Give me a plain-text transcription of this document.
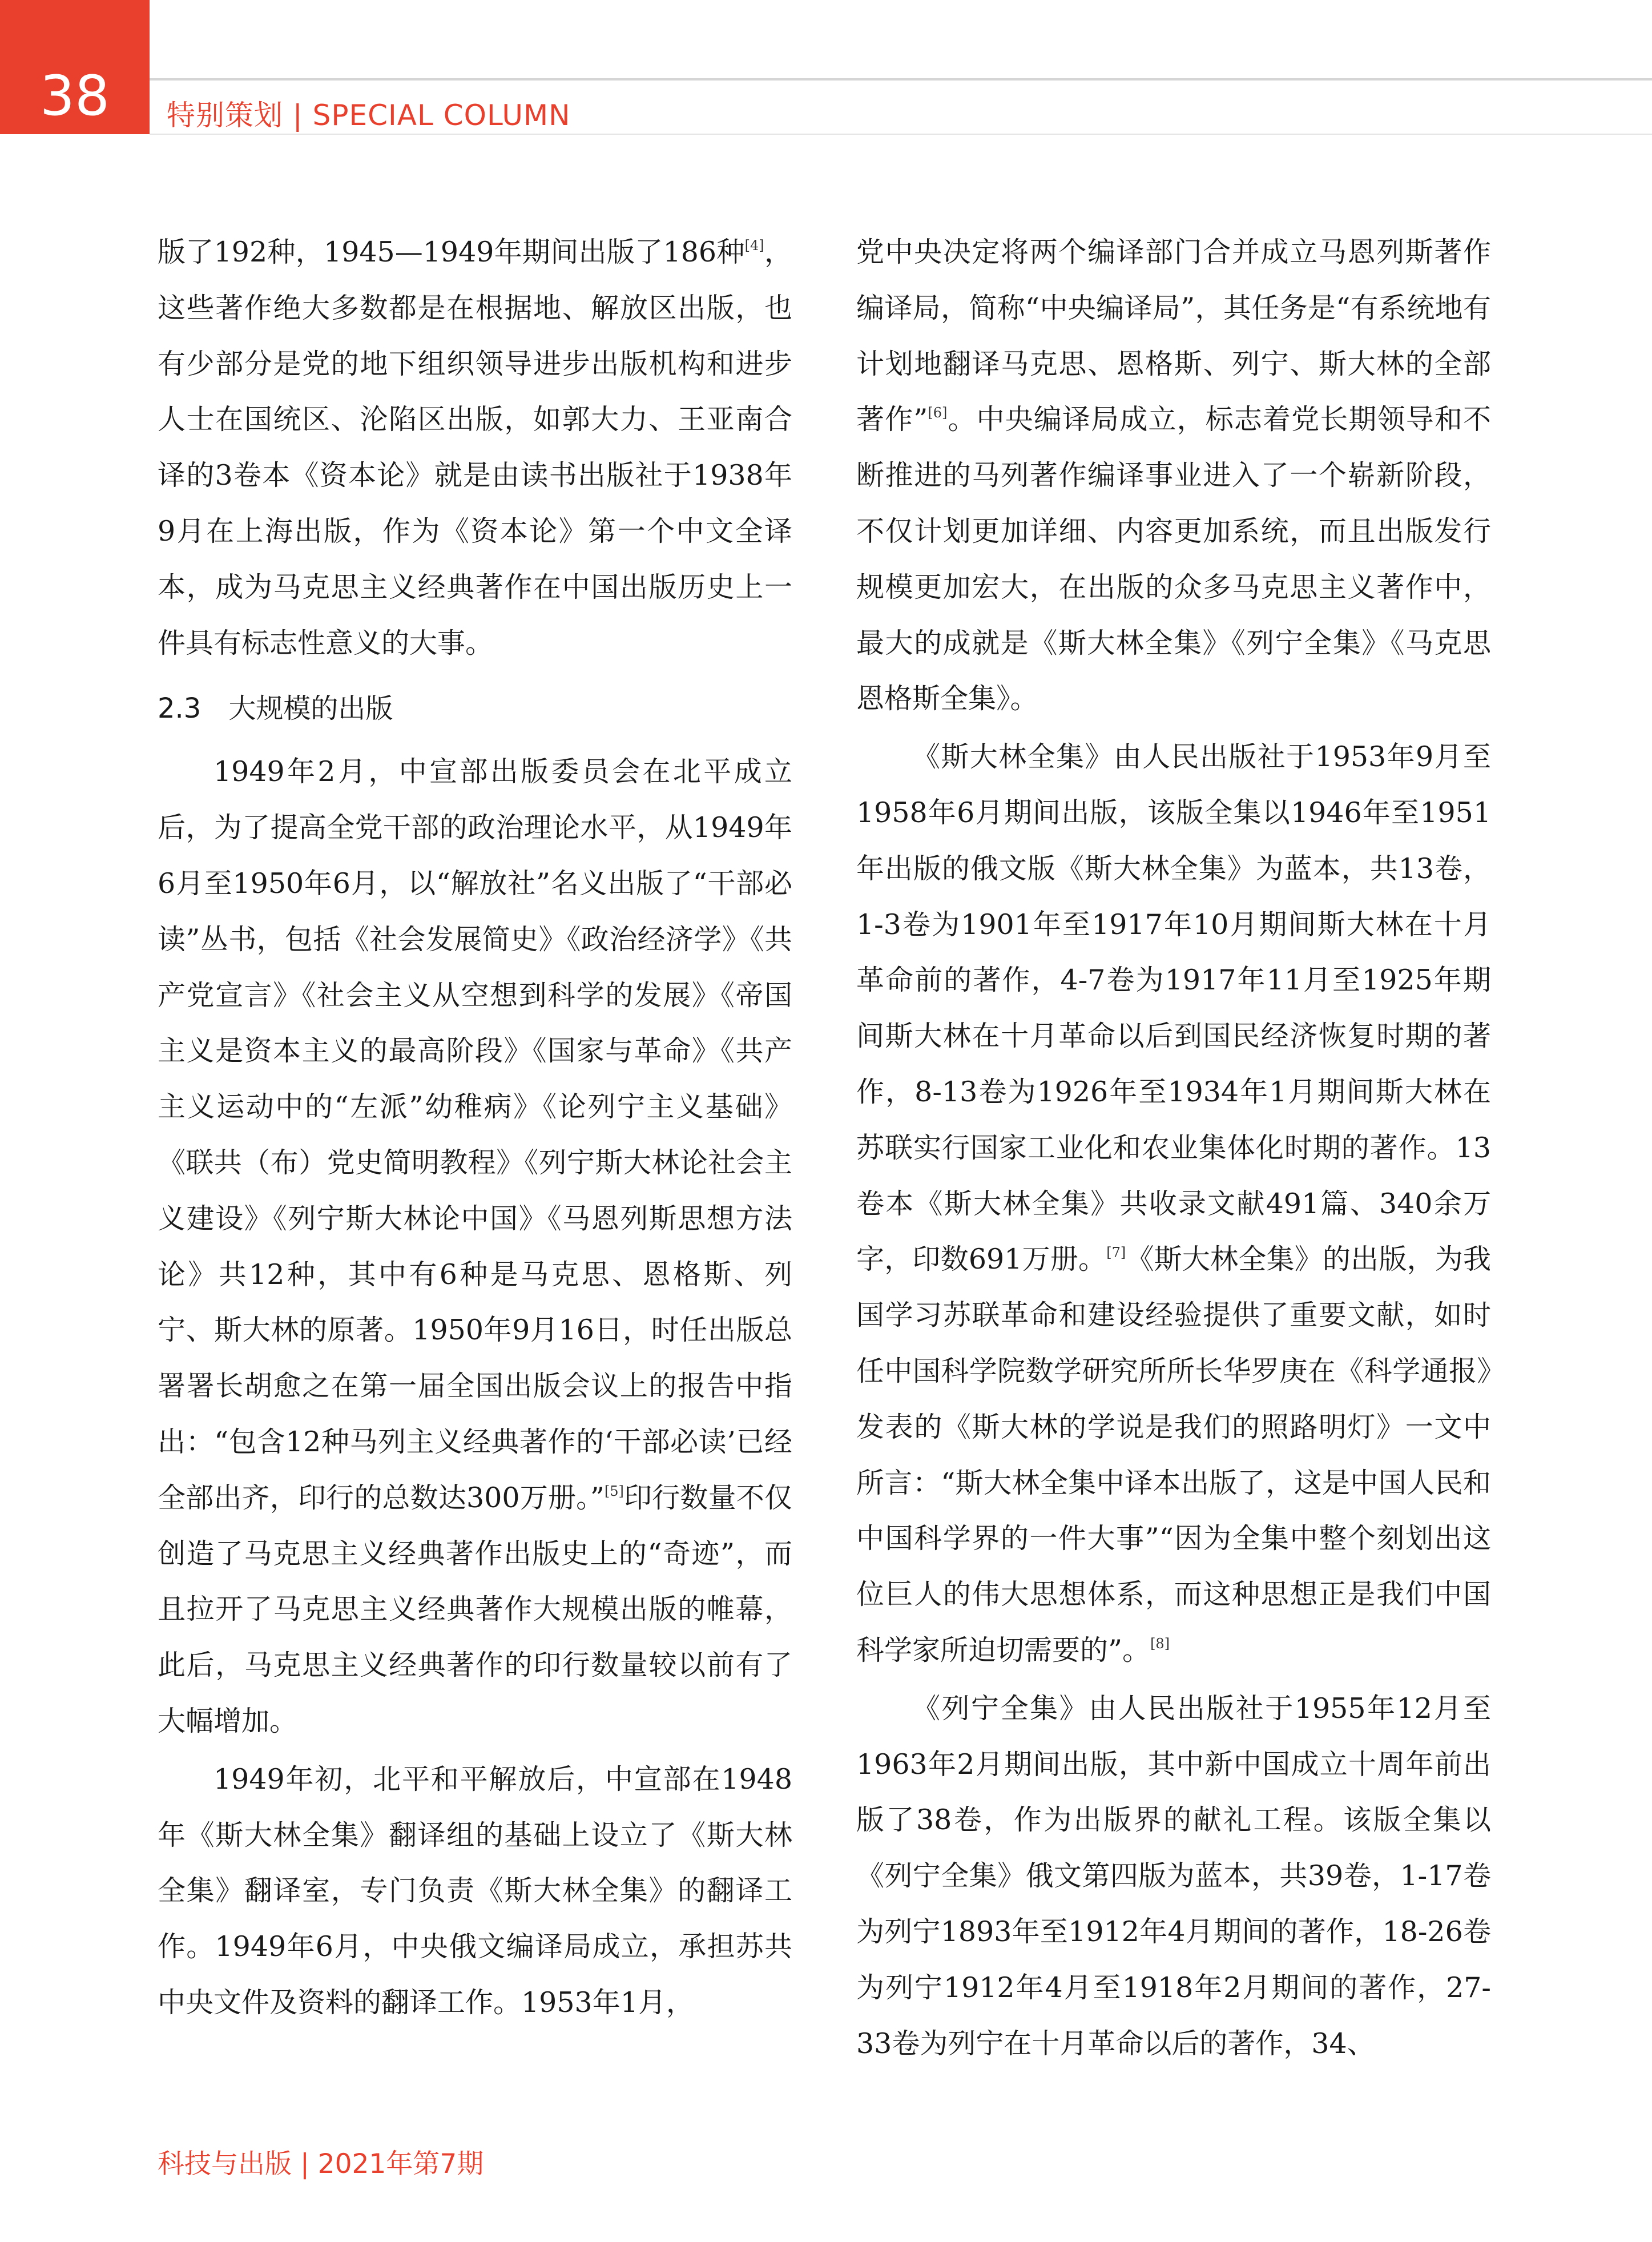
38	特别策划 | SPECIAL COLUMN

版了192种，1945—1949年期间出版了186种[4]，这些著作绝大多数都是在根据地、解放区出版，也有少部分是党的地下组织领导进步出版机构和进步人士在国统区、沦陷区出版，如郭大力、王亚南合译的3卷本《资本论》就是由读书出版社于1938年9月在上海出版，作为《资本论》第一个中文全译本，成为马克思主义经典著作在中国出版历史上一件具有标志性意义的大事。

2.3　大规模的出版

1949年2月，中宣部出版委员会在北平成立后，为了提高全党干部的政治理论水平，从1949年6月至1950年6月，以“解放社”名义出版了“干部必读”丛书，包括《社会发展简史》《政治经济学》《共产党宣言》《社会主义从空想到科学的发展》《帝国主义是资本主义的最高阶段》《国家与革命》《共产主义运动中的“左派”幼稚病》《论列宁主义基础》《联共（布）党史简明教程》《列宁斯大林论社会主义建设》《列宁斯大林论中国》《马恩列斯思想方法论》共12种，其中有6种是马克思、恩格斯、列宁、斯大林的原著。1950年9月16日，时任出版总署署长胡愈之在第一届全国出版会议上的报告中指出：“包含12种马列主义经典著作的‘干部必读’已经全部出齐，印行的总数达300万册。”[5]印行数量不仅创造了马克思主义经典著作出版史上的“奇迹”，而且拉开了马克思主义经典著作大规模出版的帷幕，此后，马克思主义经典著作的印行数量较以前有了大幅增加。

1949年初，北平和平解放后，中宣部在1948年《斯大林全集》翻译组的基础上设立了《斯大林全集》翻译室，专门负责《斯大林全集》的翻译工作。1949年6月，中央俄文编译局成立，承担苏共中央文件及资料的翻译工作。1953年1月，

党中央决定将两个编译部门合并成立马恩列斯著作编译局，简称“中央编译局”，其任务是“有系统地有计划地翻译马克思、恩格斯、列宁、斯大林的全部著作”[6]。中央编译局成立，标志着党长期领导和不断推进的马列著作编译事业进入了一个崭新阶段，不仅计划更加详细、内容更加系统，而且出版发行规模更加宏大，在出版的众多马克思主义著作中，最大的成就是《斯大林全集》《列宁全集》《马克思恩格斯全集》。

《斯大林全集》由人民出版社于1953年9月至1958年6月期间出版，该版全集以1946年至1951年出版的俄文版《斯大林全集》为蓝本，共13卷，1-3卷为1901年至1917年10月期间斯大林在十月革命前的著作，4-7卷为1917年11月至1925年期间斯大林在十月革命以后到国民经济恢复时期的著作，8-13卷为1926年至1934年1月期间斯大林在苏联实行国家工业化和农业集体化时期的著作。13卷本《斯大林全集》共收录文献491篇、340余万字，印数691万册。[7]《斯大林全集》的出版，为我国学习苏联革命和建设经验提供了重要文献，如时任中国科学院数学研究所所长华罗庚在《科学通报》发表的《斯大林的学说是我们的照路明灯》一文中所言：“斯大林全集中译本出版了，这是中国人民和中国科学界的一件大事”“因为全集中整个刻划出这位巨人的伟大思想体系，而这种思想正是我们中国科学家所迫切需要的”。[8]

《列宁全集》由人民出版社于1955年12月至1963年2月期间出版，其中新中国成立十周年前出版了38卷，作为出版界的献礼工程。该版全集以《列宁全集》俄文第四版为蓝本，共39卷，1-17卷为列宁1893年至1912年4月期间的著作，18-26卷为列宁1912年4月至1918年2月期间的著作，27-33卷为列宁在十月革命以后的著作，34、

科技与出版 | 2021年第7期
